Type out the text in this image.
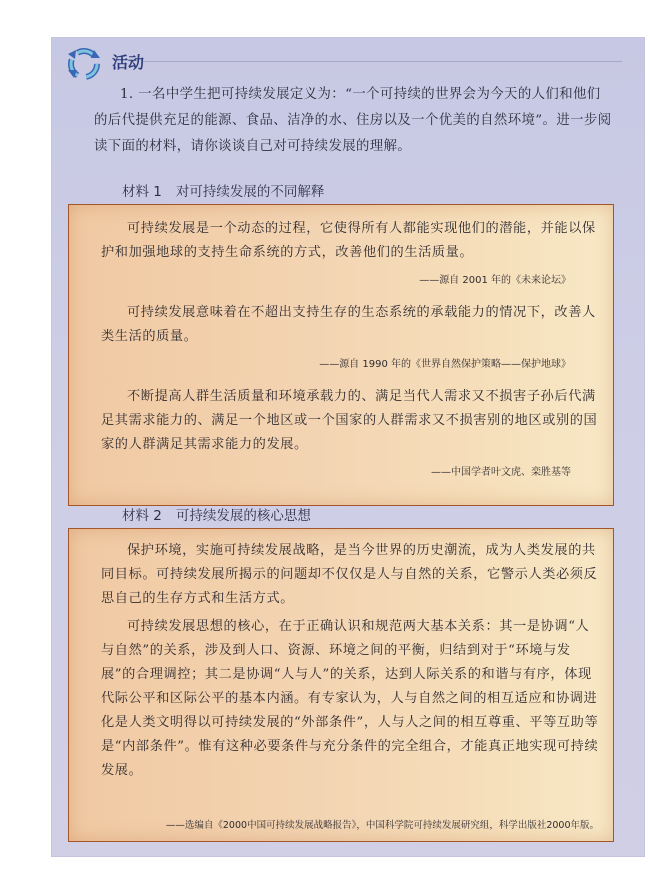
活动
1. 一名中学生把可持续发展定义为：“一个可持续的世界会为今天的人们和他们的后代提供充足的能源、食品、洁净的水、住房以及一个优美的自然环境”。进一步阅读下面的材料，请你谈谈自己对可持续发展的理解。
材料 1 对可持续发展的不同解释
可持续发展是一个动态的过程，它使得所有人都能实现他们的潜能，并能以保护和加强地球的支持生命系统的方式，改善他们的生活质量。
——源自 2001 年的《未来论坛》
可持续发展意味着在不超出支持生存的生态系统的承载能力的情况下，改善人类生活的质量。
——源自 1990 年的《世界自然保护策略——保护地球》
不断提高人群生活质量和环境承载力的、满足当代人需求又不损害子孙后代满足其需求能力的、满足一个地区或一个国家的人群需求又不损害别的地区或别的国家的人群满足其需求能力的发展。
——中国学者叶文虎、栾胜基等
材料 2 可持续发展的核心思想
保护环境，实施可持续发展战略，是当今世界的历史潮流，成为人类发展的共同目标。可持续发展所揭示的问题却不仅仅是人与自然的关系，它警示人类必须反思自己的生存方式和生活方式。
可持续发展思想的核心，在于正确认识和规范两大基本关系：其一是协调“人与自然”的关系，涉及到人口、资源、环境之间的平衡，归结到对于“环境与发展”的合理调控；其二是协调“人与人”的关系，达到人际关系的和谐与有序，体现代际公平和区际公平的基本内涵。有专家认为，人与自然之间的相互适应和协调进化是人类文明得以可持续发展的“外部条件”，人与人之间的相互尊重、平等互助等是“内部条件”。惟有这种必要条件与充分条件的完全组合，才能真正地实现可持续发展。
——选编自《2000中国可持续发展战略报告》，中国科学院可持续发展研究组，科学出版社2000年版。
